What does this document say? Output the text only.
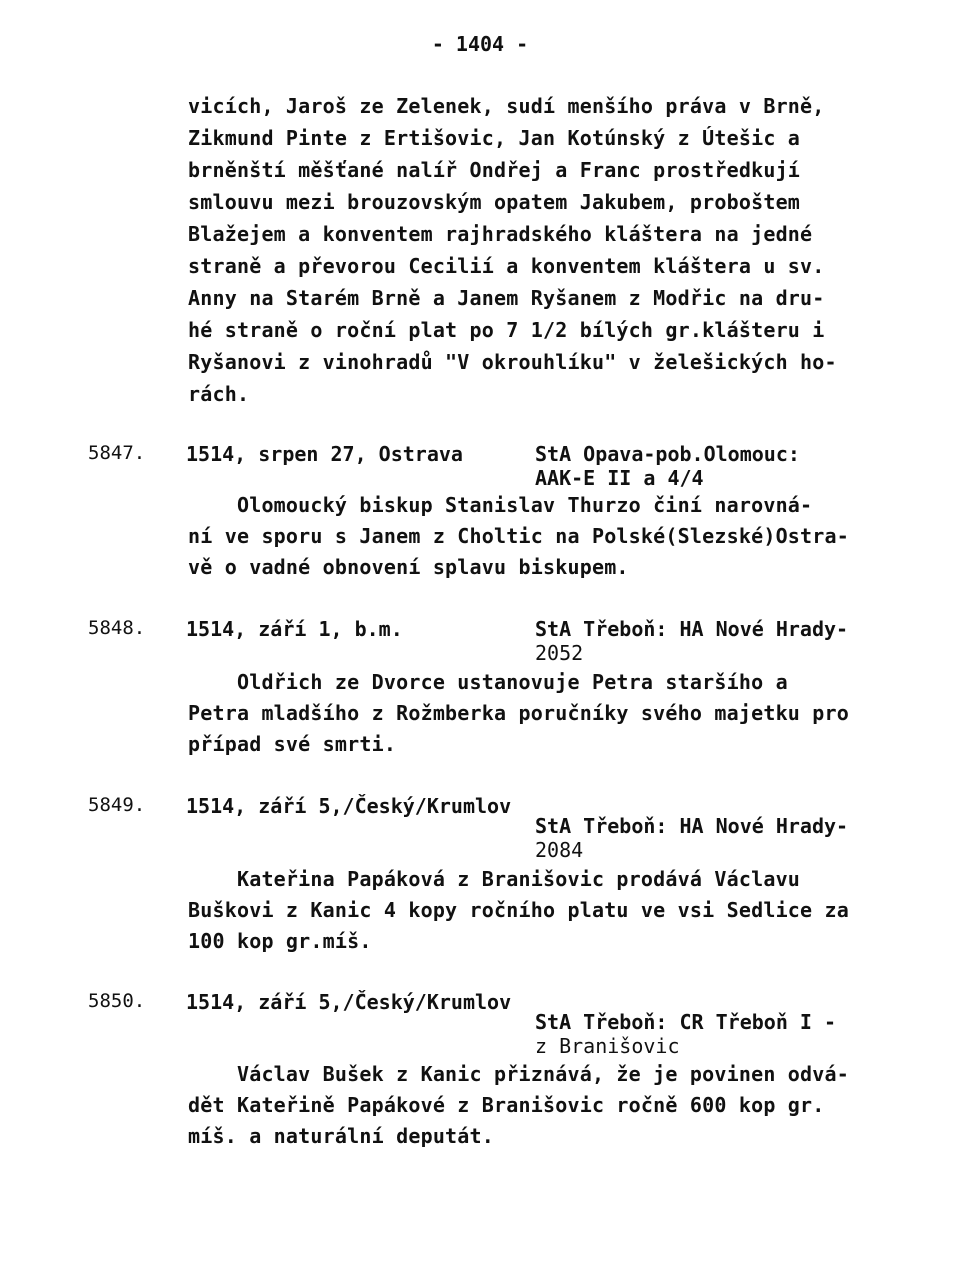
- 1404 -
vicích, Jaroš ze Zelenek, sudí menšího práva v Brně,
Zikmund Pinte z Ertišovic, Jan Kotúnský z Útešic a
brněnští měšťané nalíř Ondřej a Franc prostředkují
smlouvu mezi brouzovským opatem Jakubem, proboštem
Blažejem a konventem rajhradského kláštera na jedné
straně a převorou Cecilií a konventem kláštera u sv.
Anny na Starém Brně a Janem Ryšanem z Modřic na dru-
hé straně o roční plat po 7 1/2 bílých gr.klášteru i
Ryšanovi z vinohradů "V okrouhlíku" v želešických ho-
rách.
5847. 1514, srpen 27, Ostrava	StA Opava-pob.Olomouc:
AAK-E II a 4/4
Olomoucký biskup Stanislav Thurzo činí narovná-
ní ve sporu s Janem z Choltic na Polské(Slezské)Ostra-
vě o vadné obnovení splavu biskupem.
5848. 1514, září 1, b.m.	StA Třeboň: HA Nové Hrady-
2052
Oldřich ze Dvorce ustanovuje Petra staršího a
Petra mladšího z Rožmberka poručníky svého majetku pro
případ své smrti.
5849. 1514, září 5,/Český/Krumlov
StA Třeboň: HA Nové Hrady-
2084
Kateřina Papáková z Branišovic prodává Václavu
Buškovi z Kanic 4 kopy ročního platu ve vsi Sedlice za
100 kop gr.míš.
5850. 1514, září 5,/Český/Krumlov
StA Třeboň: CR Třeboň I -
z Branišovic
Václav Bušek z Kanic přiznává, že je povinen odvá-
dět Kateřině Papákové z Branišovic ročně 600 kop gr.
míš. a naturální deputát.
